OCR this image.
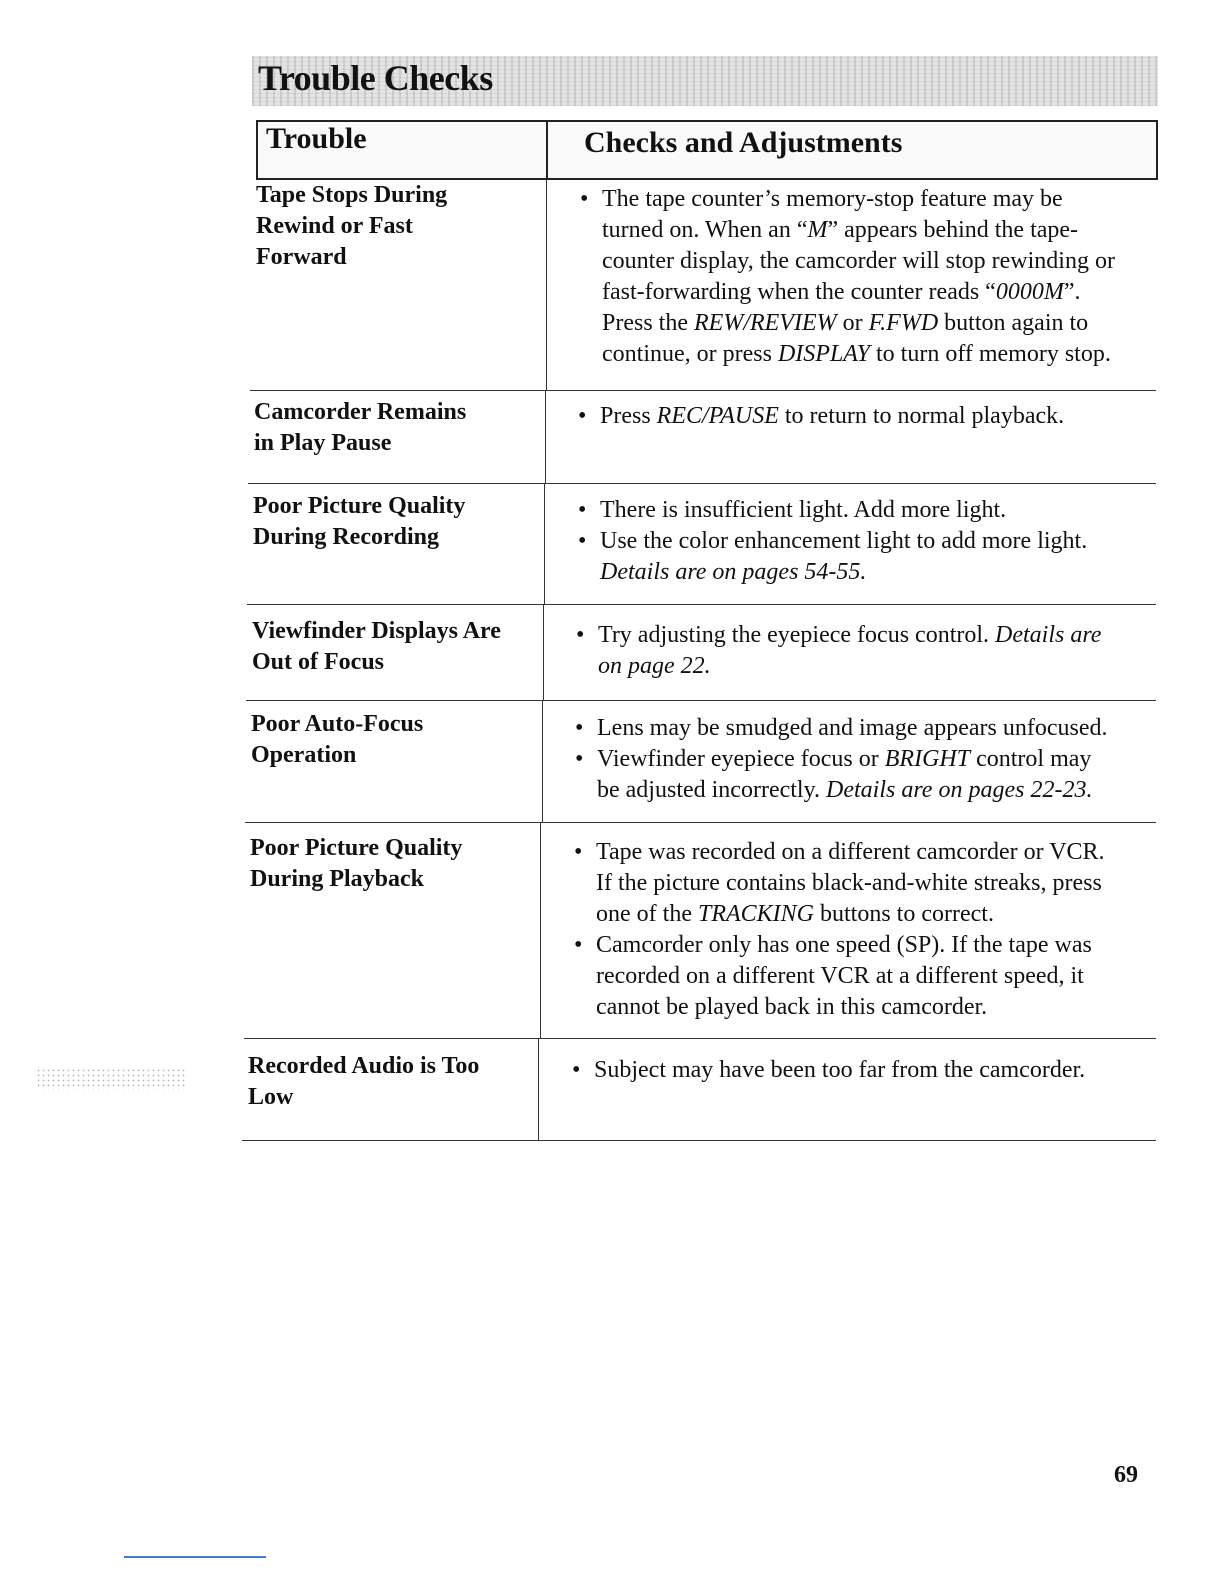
Trouble Checks
Trouble	Checks and Adjustments
Tape Stops During
Rewind or Fast
Forward
• The tape counter’s memory-stop feature may be
turned on. When an “M” appears behind the tape-
counter display, the camcorder will stop rewinding or
fast-forwarding when the counter reads “0000M”.
Press the REW/REVIEW or F.FWD button again to
continue, or press DISPLAY to turn off memory stop.
Camcorder Remains
in Play Pause
• Press REC/PAUSE to return to normal playback.
Poor Picture Quality
During Recording
• There is insufficient light. Add more light.
• Use the color enhancement light to add more light.
Details are on pages 54-55.
Viewfinder Displays Are
Out of Focus
• Try adjusting the eyepiece focus control. Details are
on page 22.
Poor Auto-Focus
Operation
• Lens may be smudged and image appears unfocused.
• Viewfinder eyepiece focus or BRIGHT control may
be adjusted incorrectly. Details are on pages 22-23.
Poor Picture Quality
During Playback
• Tape was recorded on a different camcorder or VCR.
If the picture contains black-and-white streaks, press
one of the TRACKING buttons to correct.
• Camcorder only has one speed (SP). If the tape was
recorded on a different VCR at a different speed, it
cannot be played back in this camcorder.
Recorded Audio is Too
Low
• Subject may have been too far from the camcorder.
69
